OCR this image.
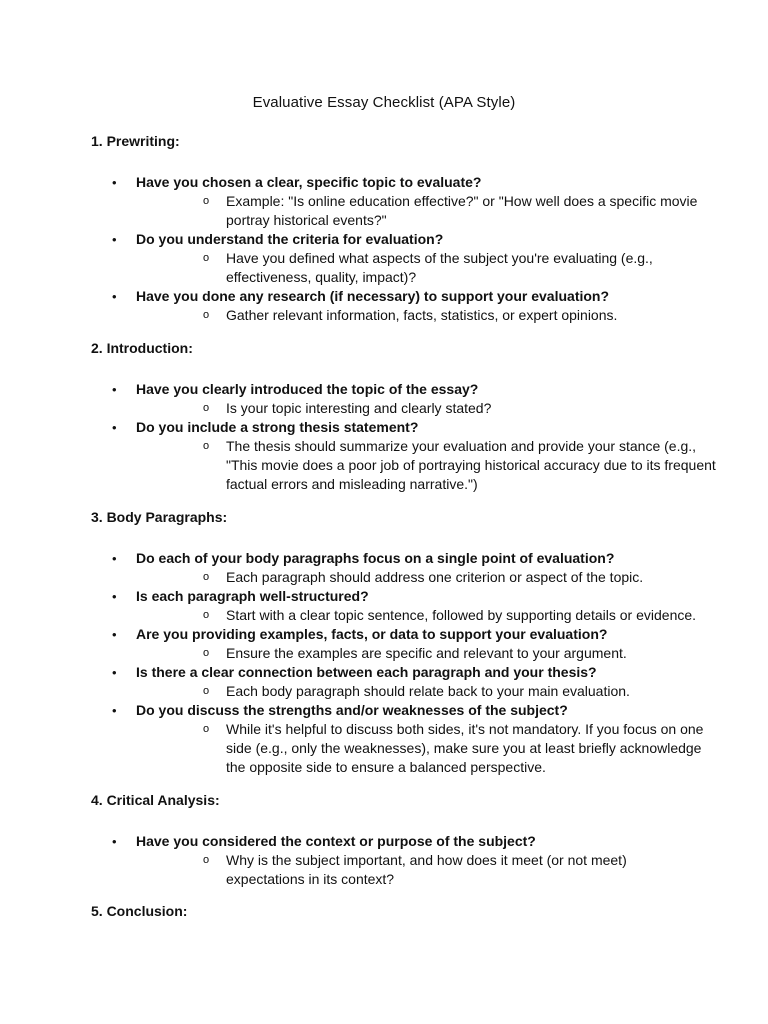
Evaluative Essay Checklist (APA Style)

1. Prewriting:

• Have you chosen a clear, specific topic to evaluate?
o Example: "Is online education effective?" or "How well does a specific movie portray historical events?"
• Do you understand the criteria for evaluation?
o Have you defined what aspects of the subject you're evaluating (e.g., effectiveness, quality, impact)?
• Have you done any research (if necessary) to support your evaluation?
o Gather relevant information, facts, statistics, or expert opinions.

2. Introduction:

• Have you clearly introduced the topic of the essay?
o Is your topic interesting and clearly stated?
• Do you include a strong thesis statement?
o The thesis should summarize your evaluation and provide your stance (e.g., "This movie does a poor job of portraying historical accuracy due to its frequent factual errors and misleading narrative.")

3. Body Paragraphs:

• Do each of your body paragraphs focus on a single point of evaluation?
o Each paragraph should address one criterion or aspect of the topic.
• Is each paragraph well-structured?
o Start with a clear topic sentence, followed by supporting details or evidence.
• Are you providing examples, facts, or data to support your evaluation?
o Ensure the examples are specific and relevant to your argument.
• Is there a clear connection between each paragraph and your thesis?
o Each body paragraph should relate back to your main evaluation.
• Do you discuss the strengths and/or weaknesses of the subject?
o While it's helpful to discuss both sides, it's not mandatory. If you focus on one side (e.g., only the weaknesses), make sure you at least briefly acknowledge the opposite side to ensure a balanced perspective.

4. Critical Analysis:

• Have you considered the context or purpose of the subject?
o Why is the subject important, and how does it meet (or not meet) expectations in its context?

5. Conclusion:
